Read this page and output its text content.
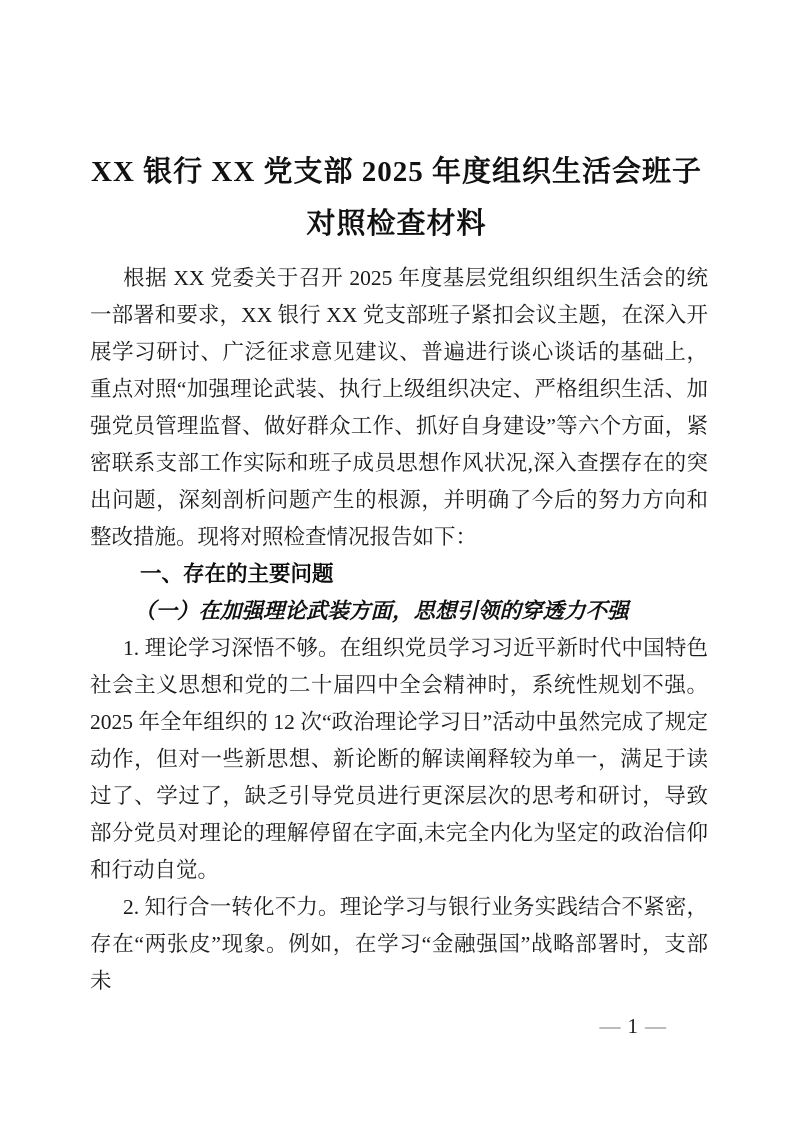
XX 银行 XX 党支部 2025 年度组织生活会班子
对照检查材料

根据 XX 党委关于召开 2025 年度基层党组织组织生活会的统一部署和要求，XX 银行 XX 党支部班子紧扣会议主题，在深入开展学习研讨、广泛征求意见建议、普遍进行谈心谈话的基础上，重点对照“加强理论武装、执行上级组织决定、严格组织生活、加强党员管理监督、做好群众工作、抓好自身建设”等六个方面，紧密联系支部工作实际和班子成员思想作风状况,深入查摆存在的突出问题，深刻剖析问题产生的根源，并明确了今后的努力方向和整改措施。现将对照检查情况报告如下：

一、存在的主要问题

（一）在加强理论武装方面，思想引领的穿透力不强

1. 理论学习深悟不够。在组织党员学习习近平新时代中国特色社会主义思想和党的二十届四中全会精神时，系统性规划不强。2025 年全年组织的 12 次“政治理论学习日”活动中虽然完成了规定动作，但对一些新思想、新论断的解读阐释较为单一，满足于读过了、学过了，缺乏引导党员进行更深层次的思考和研讨，导致部分党员对理论的理解停留在字面,未完全内化为坚定的政治信仰和行动自觉。

2. 知行合一转化不力。理论学习与银行业务实践结合不紧密，存在“两张皮”现象。例如，在学习“金融强国”战略部署时，支部未

— 1 —
